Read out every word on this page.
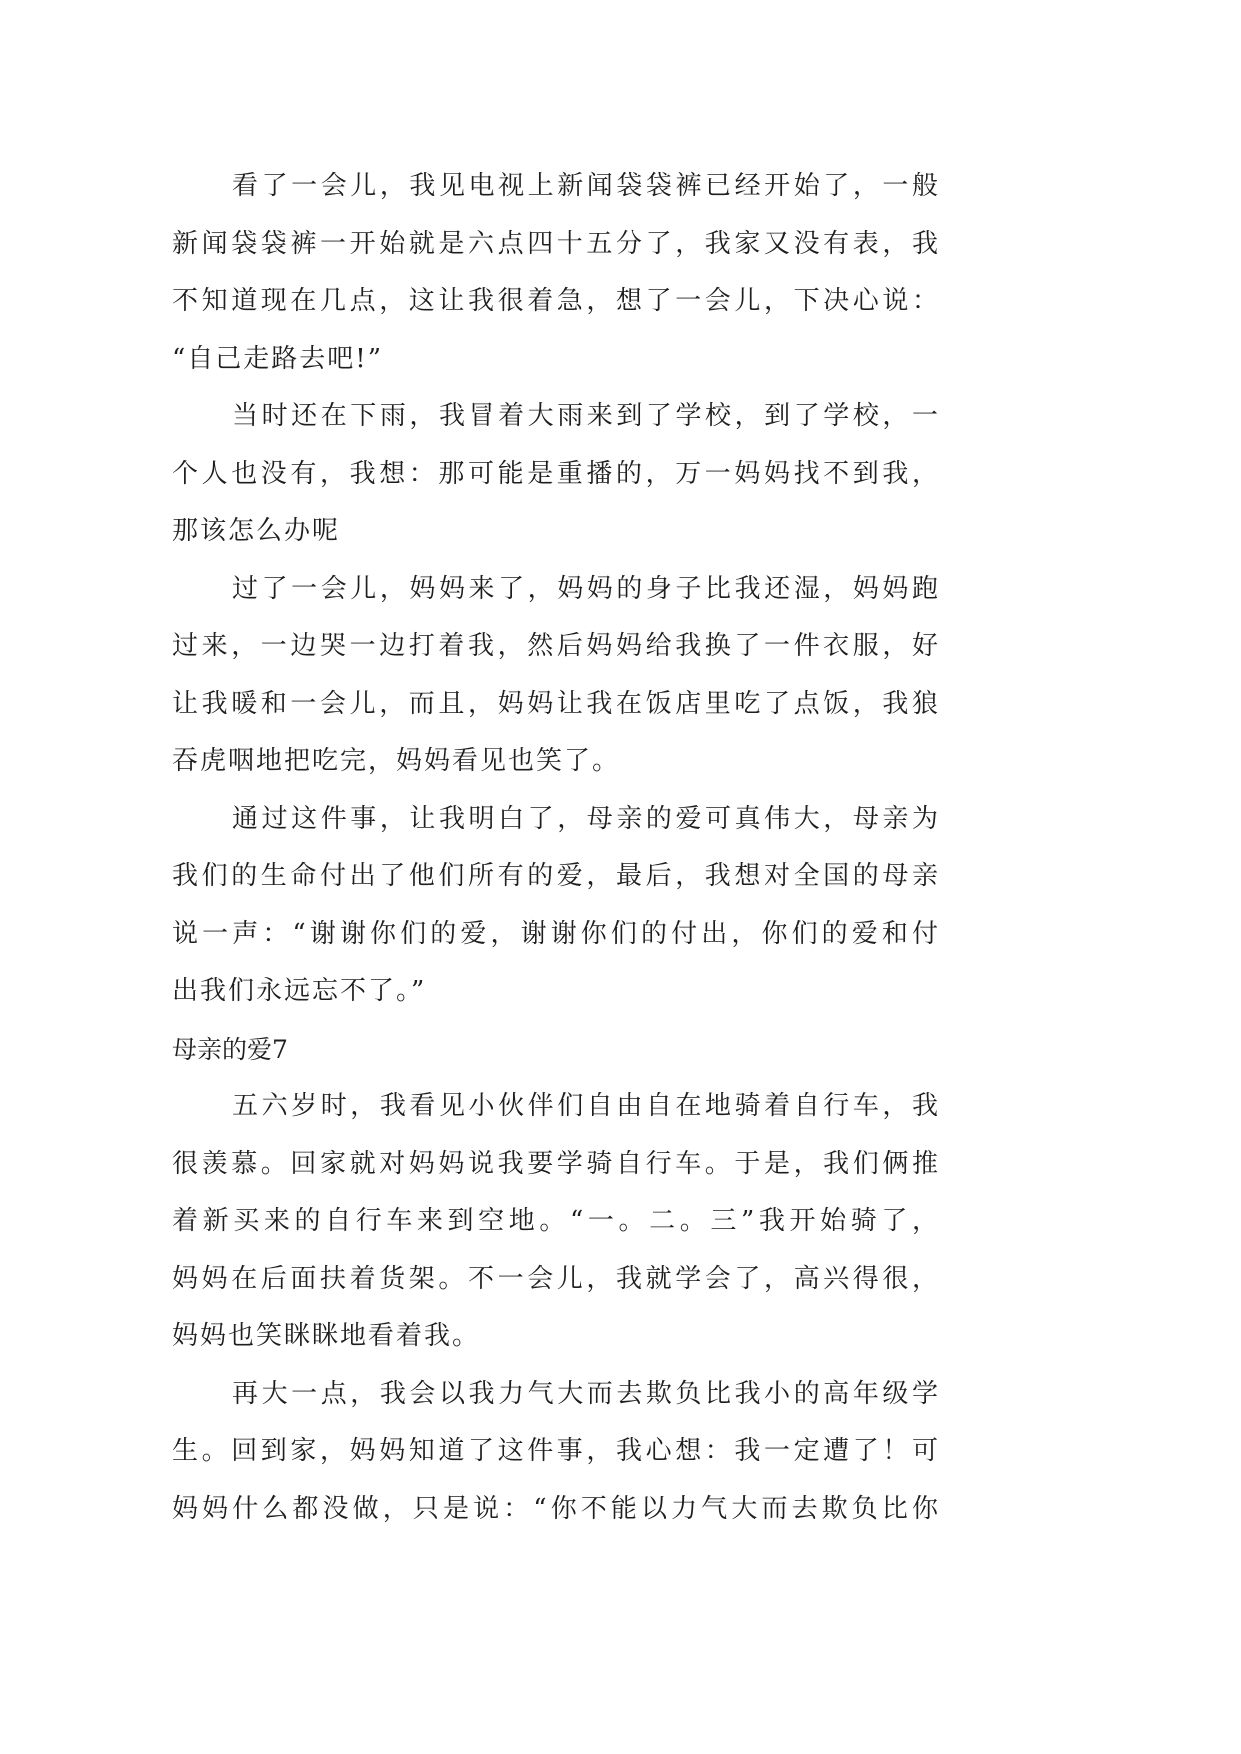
看了一会儿，我见电视上新闻袋袋裤已经开始了，一般
新闻袋袋裤一开始就是六点四十五分了，我家又没有表，我
不知道现在几点，这让我很着急，想了一会儿，下决心说：
“自己走路去吧!”
当时还在下雨，我冒着大雨来到了学校，到了学校，一
个人也没有，我想：那可能是重播的，万一妈妈找不到我，
那该怎么办呢
过了一会儿，妈妈来了，妈妈的身子比我还湿，妈妈跑
过来，一边哭一边打着我，然后妈妈给我换了一件衣服，好
让我暖和一会儿，而且，妈妈让我在饭店里吃了点饭，我狼
吞虎咽地把吃完，妈妈看见也笑了。
通过这件事，让我明白了，母亲的爱可真伟大，母亲为
我们的生命付出了他们所有的爱，最后，我想对全国的母亲
说一声：“谢谢你们的爱，谢谢你们的付出，你们的爱和付
出我们永远忘不了。”
母亲的爱7
五六岁时，我看见小伙伴们自由自在地骑着自行车，我
很羡慕。回家就对妈妈说我要学骑自行车。于是，我们俩推
着新买来的自行车来到空地。“一。二。三”我开始骑了，
妈妈在后面扶着货架。不一会儿，我就学会了，高兴得很，
妈妈也笑眯眯地看着我。
再大一点，我会以我力气大而去欺负比我小的高年级学
生。回到家，妈妈知道了这件事，我心想：我一定遭了！可
妈妈什么都没做，只是说：“你不能以力气大而去欺负比你
